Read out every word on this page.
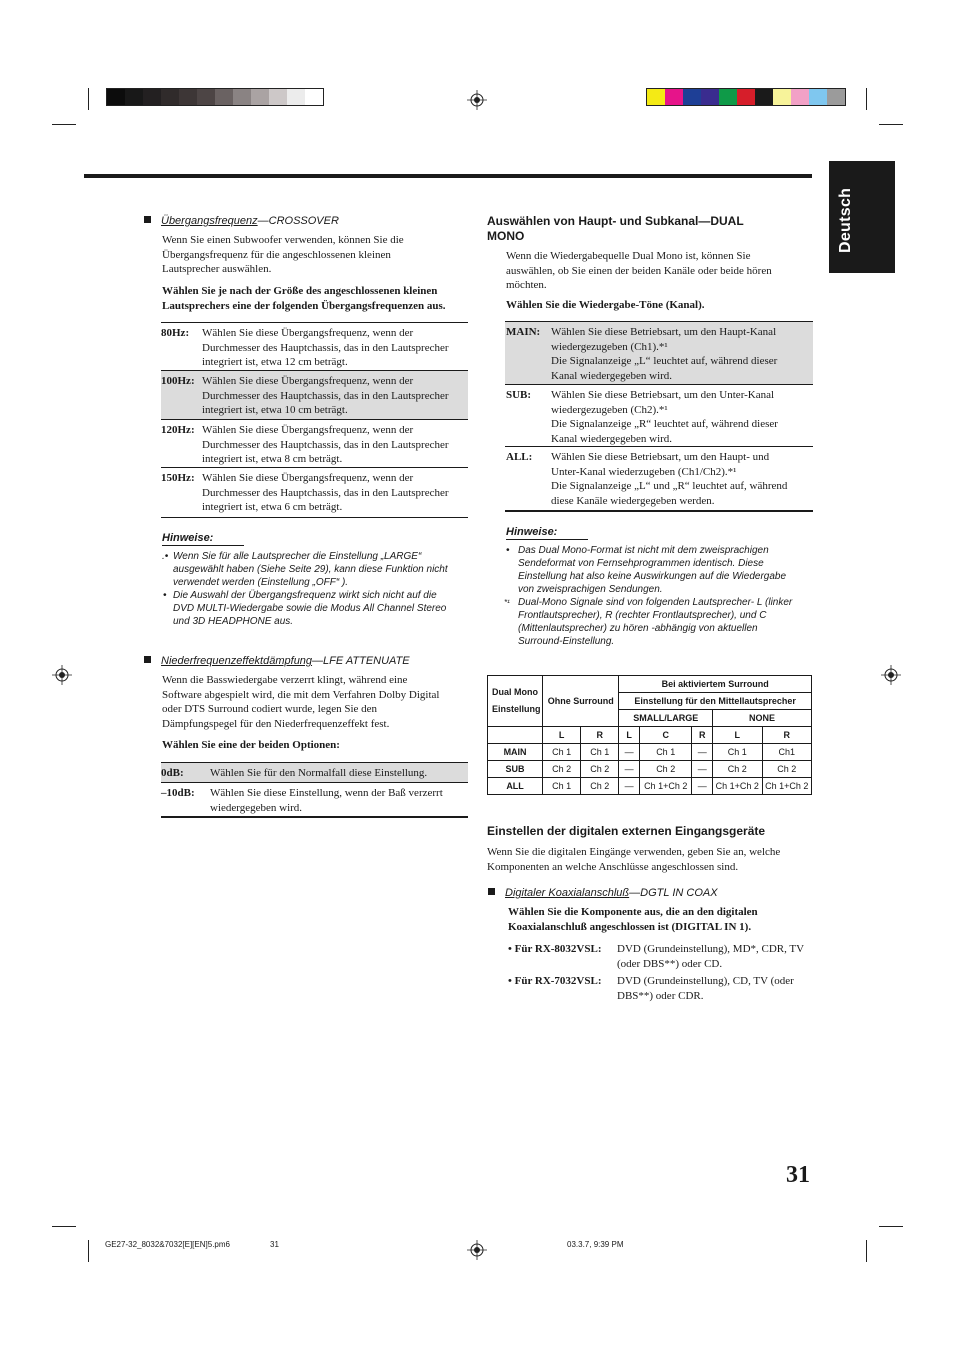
Deutsch
Übergangsfrequenz—CROSSOVER
Wenn Sie einen Subwoofer verwenden, können Sie die
Übergangsfrequenz für die angeschlossenen kleinen
Lautsprecher auswählen.
Wählen Sie je nach der Größe des angeschlossenen kleinen
Lautsprechers eine der folgenden Übergangsfrequenzen aus.
80Hz: Wählen Sie diese Übergangsfrequenz, wenn der
Durchmesser des Hauptchassis, das in den Lautsprecher
integriert ist, etwa 12 cm beträgt.
100Hz: Wählen Sie diese Übergangsfrequenz, wenn der
Durchmesser des Hauptchassis, das in den Lautsprecher
integriert ist, etwa 10 cm beträgt.
120Hz: Wählen Sie diese Übergangsfrequenz, wenn der
Durchmesser des Hauptchassis, das in den Lautsprecher
integriert ist, etwa 8 cm beträgt.
150Hz: Wählen Sie diese Übergangsfrequenz, wenn der
Durchmesser des Hauptchassis, das in den Lautsprecher
integriert ist, etwa 6 cm beträgt.
Hinweise:
.• Wenn Sie für alle Lautsprecher die Einstellung „LARGE“
ausgewählt haben (Siehe Seite 29), kann diese Funktion nicht
verwendet werden (Einstellung „OFF“ ).
• Die Auswahl der Übergangsfrequenz wirkt sich nicht auf die
DVD MULTI-Wiedergabe sowie die Modus All Channel Stereo
und 3D HEADPHONE aus.
Niederfrequenzeffektdämpfung—LFE ATTENUATE
Wenn die Basswiedergabe verzerrt klingt, während eine
Software abgespielt wird, die mit dem Verfahren Dolby Digital
oder DTS Surround codiert wurde, legen Sie den
Dämpfungspegel für den Niederfrequenzeffekt fest.
Wählen Sie eine der beiden Optionen:
0dB: Wählen Sie für den Normalfall diese Einstellung.
–10dB: Wählen Sie diese Einstellung, wenn der Baß verzerrt
wiedergegeben wird.
Auswählen von Haupt- und Subkanal—DUAL
MONO
Wenn die Wiedergabequelle Dual Mono ist, können Sie
auswählen, ob Sie einen der beiden Kanäle oder beide hören
möchten.
Wählen Sie die Wiedergabe-Töne (Kanal).
MAIN: Wählen Sie diese Betriebsart, um den Haupt-Kanal
wiedergezugeben (Ch1).*¹
Die Signalanzeige „L“ leuchtet auf, während dieser
Kanal wiedergegeben wird.
SUB: Wählen Sie diese Betriebsart, um den Unter-Kanal
wiedergezugeben (Ch2).*¹
Die Signalanzeige „R“ leuchtet auf, während dieser
Kanal wiedergegeben wird.
ALL: Wählen Sie diese Betriebsart, um den Haupt- und
Unter-Kanal wiederzugeben (Ch1/Ch2).*¹
Die Signalanzeige „L“ und „R“ leuchtet auf, während
diese Kanäle wiedergegeben werden.
Hinweise:
• Das Dual Mono-Format ist nicht mit dem zweisprachigen
Sendeformat von Fernsehprogrammen identisch. Diese
Einstellung hat also keine Auswirkungen auf die Wiedergabe
von zweisprachigen Sendungen.
*¹ Dual-Mono Signale sind von folgenden Lautsprecher- L (linker
Frontlautsprecher), R (rechter Frontlautsprecher), und C
(Mittenlautsprecher) zu hören -abhängig von aktuellen
Surround-Einstellung.
Dual Mono
Einstellung	Ohne Surround		Bei aktiviertem Surround				
			Einstellung für den Mittellautsprecher				
			SMALL/LARGE			NONE	
	L	R	L	C	R	L	R
MAIN	Ch 1	Ch 1	—	Ch 1	—	Ch 1	Ch1
SUB	Ch 2	Ch 2	—	Ch 2	—	Ch 2	Ch 2
ALL	Ch 1	Ch 2	—	Ch 1+Ch 2	—	Ch 1+Ch 2	Ch 1+Ch 2
Einstellen der digitalen externen Eingangsgeräte
Wenn Sie die digitalen Eingänge verwenden, geben Sie an, welche
Komponenten an welche Anschlüsse angeschlossen sind.
Digitaler Koaxialanschluß—DGTL IN COAX
Wählen Sie die Komponente aus, die an den digitalen
Koaxialanschluß angeschlossen ist (DIGITAL IN 1).
• Für RX-8032VSL: DVD (Grundeinstellung), MD*, CDR, TV
(oder DBS**) oder CD.
• Für RX-7032VSL: DVD (Grundeinstellung), CD, TV (oder
DBS**) oder CDR.
31
GE27-32_8032&7032[E][EN]5.pm6	31	03.3.7, 9:39 PM
